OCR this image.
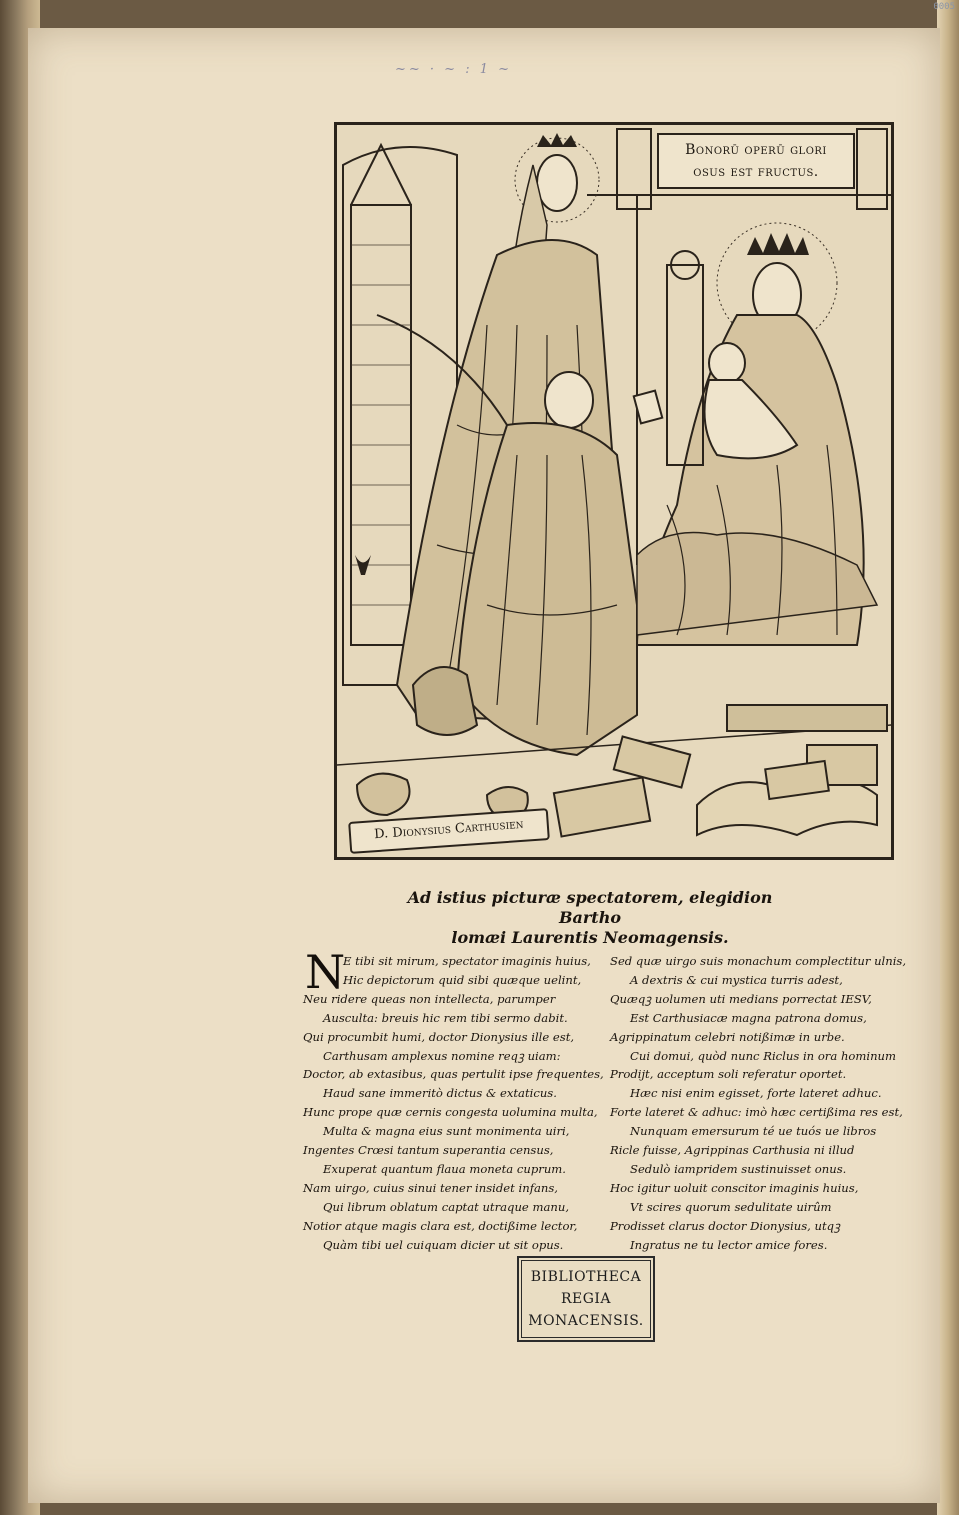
0005
~~ · ~ : 1 ~
Bonorū operū glori
osus est fructus.
D. Dionysius Carthusien
Ad istius picturæ spectatorem, elegidion Bartho
lomæi Laurentis Neomagensis.
N
E tibi sit mirum, spectator imaginis huius,
Hic depictorum quid sibi quæque uelint,
Neu ridere queas non intellecta, parumper
Ausculta: breuis hic rem tibi sermo dabit.
Qui procumbit humi, doctor Dionysius ille est,
Carthusam amplexus nomine reqꝫ uiam:
Doctor, ab extasibus, quas pertulit ipse frequentes,
Haud sane immeritò dictus & extaticus.
Hunc prope quæ cernis congesta uolumina multa,
Multa & magna eius sunt monimenta uiri,
Ingentes Crœsi tantum superantia census,
Exuperat quantum flaua moneta cuprum.
Nam uirgo, cuius sinui tener insidet infans,
Qui librum oblatum captat utraque manu,
Notior atque magis clara est, doctißime lector,
Quàm tibi uel cuiquam dicier ut sit opus.
Sed quæ uirgo suis monachum complectitur ulnis,
A dextris & cui mystica turris adest,
Quæqꝫ uolumen uti medians porrectat IESV,
Est Carthusiacæ magna patrona domus,
Agrippinatum celebri notißimæ in urbe.
Cui domui, quòd nunc Riclus in ora hominum
Prodijt, acceptum soli referatur oportet.
Hæc nisi enim egisset, forte lateret adhuc.
Forte lateret & adhuc: imò hæc certißima res est,
Nunquam emersurum té ue tuós ue libros
Ricle fuisse, Agrippinas Carthusia ni illud
Sedulò iampridem sustinuisset onus.
Hoc igitur uoluit conscitor imaginis huius,
Vt scires quorum sedulitate uirûm
Prodisset clarus doctor Dionysius, utqꝫ
Ingratus ne tu lector amice fores.
BIBLIOTHECA
REGIA
MONACENSIS.
